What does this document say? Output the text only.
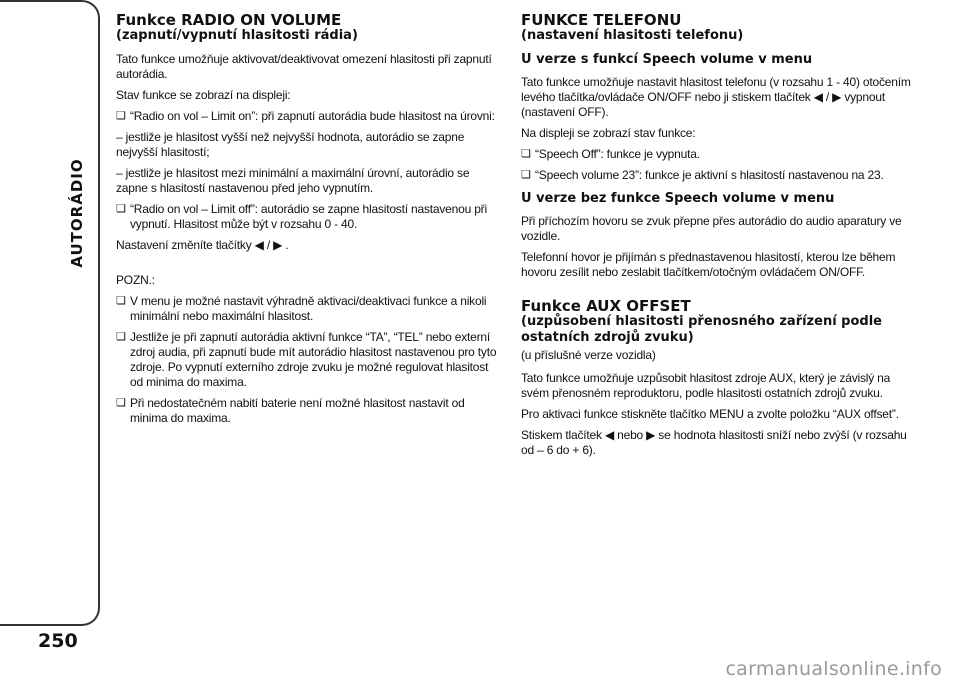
AUTORÁDIO
250
Funkce RADIO ON VOLUME
(zapnutí/vypnutí hlasitosti rádia)

Tato funkce umožňuje aktivovat/deaktivovat omezení hlasitosti při zapnutí autorádia.

Stav funkce se zobrazí na displeji:

❏ “Radio on vol – Limit on”: při zapnutí autorádia bude hlasitost na úrovni:

– jestliže je hlasitost vyšší než nejvyšší hodnota, autorádio se zapne nejvyšší hlasitostí;

– jestliže je hlasitost mezi minimální a maximální úrovní, autorádio se zapne s hlasitostí nastavenou před jeho vypnutím.

❏ “Radio on vol – Limit off”: autorádio se zapne hlasitostí nastavenou při vypnutí. Hlasitost může být v rozsahu 0 - 40.

Nastavení změníte tlačítky ◀ / ▶ .

POZN.:

❏ V menu je možné nastavit výhradně aktivaci/deaktivaci funkce a nikoli minimální nebo maximální hlasitost.

❏ Jestliže je při zapnutí autorádia aktivní funkce “TA”, “TEL” nebo externí zdroj audia, při zapnutí bude mít autorádio hlasitost nastavenou pro tyto zdroje. Po vypnutí externího zdroje zvuku je možné regulovat hlasitost od minima do maxima.

❏ Při nedostatečném nabití baterie není možné hlasitost nastavit od minima do maxima.

FUNKCE TELEFONU
(nastavení hlasitosti telefonu)
U verze s funkcí Speech volume v menu

Tato funkce umožňuje nastavit hlasitost telefonu (v rozsahu 1 - 40) otočením levého tlačítka/ovládače ON/OFF nebo ji stiskem tlačítek ◀ / ▶ vypnout (nastavení OFF).

Na displeji se zobrazí stav funkce:

❏ “Speech Off”: funkce je vypnuta.

❏ “Speech volume 23”: funkce je aktivní s hlasitostí nastavenou na 23.

U verze bez funkce Speech volume v menu

Při příchozím hovoru se zvuk přepne přes autorádio do audio aparatury ve vozidle.

Telefonní hovor je přijímán s přednastavenou hlasitostí, kterou lze během hovoru zesílit nebo zeslabit tlačítkem/otočným ovládačem ON/OFF.

Funkce AUX OFFSET
(uzpůsobení hlasitosti přenosného zařízení podle ostatních zdrojů zvuku)

(u příslušné verze vozidla)

Tato funkce umožňuje uzpůsobit hlasitost zdroje AUX, který je závislý na svém přenosném reproduktoru, podle hlasitosti ostatních zdrojů zvuku.

Pro aktivaci funkce stiskněte tlačítko MENU a zvolte položku “AUX offset”.

Stiskem tlačítek ◀ nebo ▶ se hodnota hlasitosti sníží nebo zvýší (v rozsahu od – 6 do + 6).

carmanualsonline.info
